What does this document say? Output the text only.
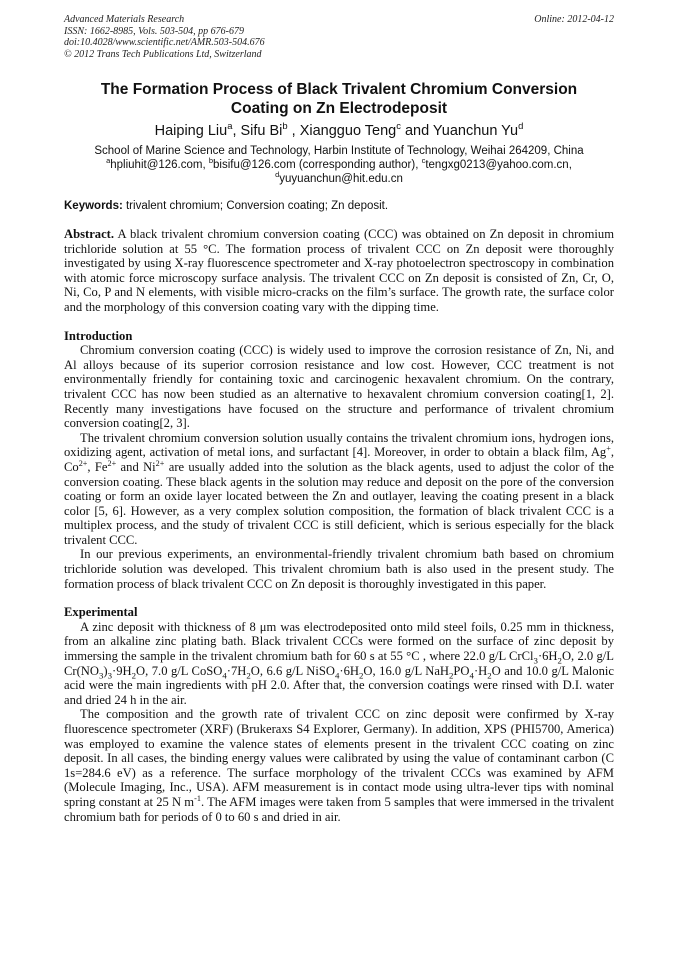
Advanced Materials Research
ISSN: 1662-8985, Vols. 503-504, pp 676-679
doi:10.4028/www.scientific.net/AMR.503-504.676
© 2012 Trans Tech Publications Ltd, Switzerland
Online: 2012-04-12
The Formation Process of Black Trivalent Chromium Conversion
Coating on Zn Electrodeposit
Haiping Liu$^a$, Sifu Bi$^b$ , Xiangguo Teng$^c$ and Yuanchun Yu$^d$
School of Marine Science and Technology, Harbin Institute of Technology, Weihai 264209, China
$^a$hpliuhit@126.com, $^b$bisifu@126.com (corresponding author), $^c$tengxg0213@yahoo.com.cn,
$^d$yuyuanchun@hit.edu.cn
Keywords: trivalent chromium; Conversion coating; Zn deposit.

Abstract. A black trivalent chromium conversion coating (CCC) was obtained on Zn deposit in chromium trichloride solution at 55 °C. The formation process of trivalent CCC on Zn deposit were thoroughly investigated by using X-ray fluorescence spectrometer and X-ray photoelectron spectroscopy in combination with atomic force microscopy surface analysis. The trivalent CCC on Zn deposit is consisted of Zn, Cr, O, Ni, Co, P and N elements, with visible micro-cracks on the film’s surface. The growth rate, the surface color and the morphology of this conversion coating vary with the dipping time.

Introduction

Chromium conversion coating (CCC) is widely used to improve the corrosion resistance of Zn, Ni, and Al alloys because of its superior corrosion resistance and low cost. However, CCC treatment is not environmentally friendly for containing toxic and carcinogenic hexavalent chromium. On the contrary, trivalent CCC has now been studied as an alternative to hexavalent chromium conversion coating[1, 2]. Recently many investigations have focused on the structure and performance of trivalent chromium conversion coating[2, 3].

The trivalent chromium conversion solution usually contains the trivalent chromium ions, hydrogen ions, oxidizing agent, activation of metal ions, and surfactant [4]. Moreover, in order to obtain a black film, Ag+, $Co^{2+}$, $Fe^{2+}$ and $Ni^{2+}$ are usually added into the solution as the black agents, used to adjust the color of the conversion coating. These black agents in the solution may reduce and deposit on the pore of the conversion coating or form an oxide layer located between the Zn and outlayer, leaving the coating present in a black color [5, 6]. However, as a very complex solution composition, the formation of black trivalent CCC is a multiplex process, and the study of trivalent CCC is still deficient, which is serious especially for the black trivalent CCC.

In our previous experiments, an environmental-friendly trivalent chromium bath based on chromium trichloride solution was developed. This trivalent chromium bath is also used in the present study. The formation process of black trivalent CCC on Zn deposit is thoroughly investigated in this paper.

Experimental

A zinc deposit with thickness of 8 μm was electrodeposited onto mild steel foils, 0.25 mm in thickness, from an alkaline zinc plating bath. Black trivalent CCCs were formed on the surface of zinc deposit by immersing the sample in the trivalent chromium bath for 60 s at 55 °C , where 22.0 g/L $CrCl_3\cdot 6H_2O$, 2.0 g/L $Cr(NO_3)_3\cdot 9H_2O$, 7.0 g/L $CoSO_4\cdot 7H_2O$, 6.6 g/L $NiSO_4\cdot 6H_2O$, 16.0 g/L $NaH_2PO_4\cdot H_2O$ and 10.0 g/L Malonic acid were the main ingredients with pH 2.0. After that, the conversion coatings were rinsed with D.I. water and dried 24 h in the air.

The composition and the growth rate of trivalent CCC on zinc deposit were confirmed by X-ray fluorescence spectrometer (XRF) (Brukeraxs S4 Explorer, Germany). In addition, XPS (PHI5700, America) was employed to examine the valence states of elements present in the trivalent CCC coating on zinc deposit. In all cases, the binding energy values were calibrated by using the value of contaminant carbon (C 1s=284.6 eV) as a reference. The surface morphology of the trivalent CCCs was examined by AFM (Molecule Imaging, Inc., USA). AFM measurement is in contact mode using ultra-lever tips with nominal spring constant at 25 N $m^{-1}$. The AFM images were taken from 5 samples that were immersed in the trivalent chromium bath for periods of 0 to 60 s and dried in air.
